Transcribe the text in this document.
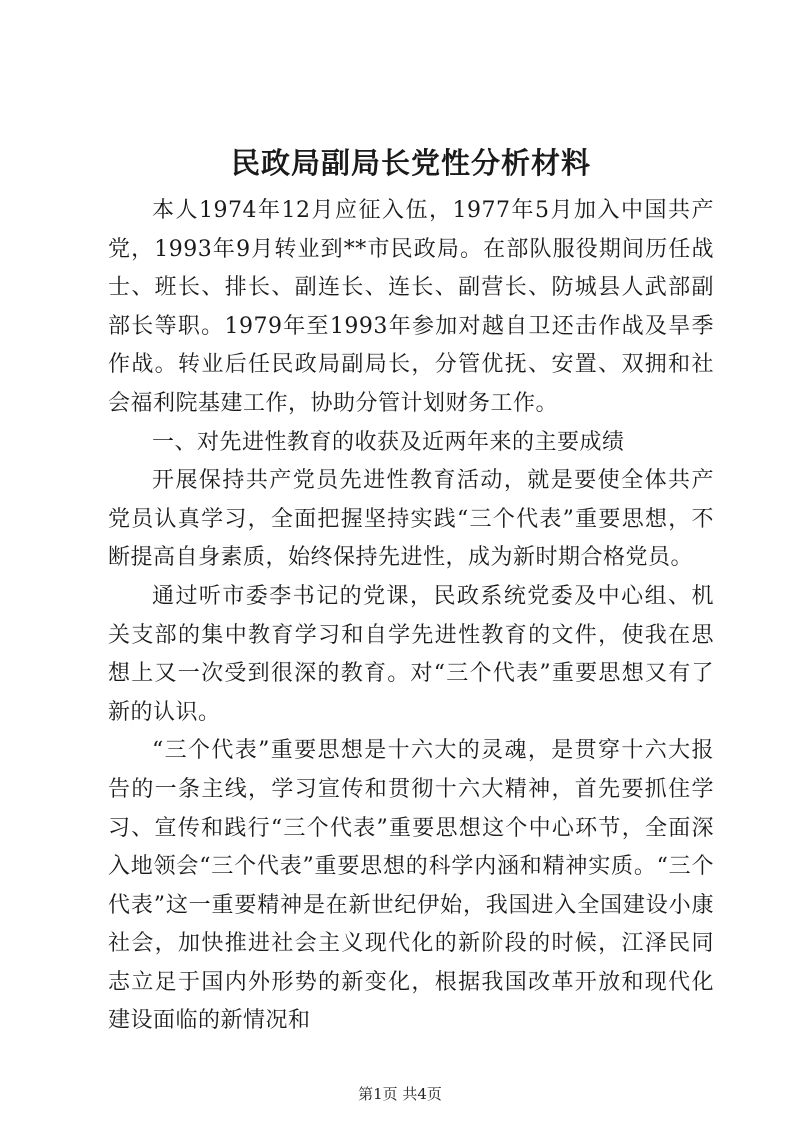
民政局副局长党性分析材料

本人1974年12月应征入伍，1977年5月加入中国共产党，1993年9月转业到**市民政局。在部队服役期间历任战士、班长、排长、副连长、连长、副营长、防城县人武部副部长等职。1979年至1993年参加对越自卫还击作战及旱季作战。转业后任民政局副局长，分管优抚、安置、双拥和社会福利院基建工作，协助分管计划财务工作。

一、对先进性教育的收获及近两年来的主要成绩

开展保持共产党员先进性教育活动，就是要使全体共产党员认真学习，全面把握坚持实践“三个代表”重要思想，不断提高自身素质，始终保持先进性，成为新时期合格党员。

通过听市委李书记的党课，民政系统党委及中心组、机关支部的集中教育学习和自学先进性教育的文件，使我在思想上又一次受到很深的教育。对“三个代表”重要思想又有了新的认识。

“三个代表”重要思想是十六大的灵魂，是贯穿十六大报告的一条主线，学习宣传和贯彻十六大精神，首先要抓住学习、宣传和践行“三个代表”重要思想这个中心环节，全面深入地领会“三个代表”重要思想的科学内涵和精神实质。“三个代表”这一重要精神是在新世纪伊始，我国进入全国建设小康社会，加快推进社会主义现代化的新阶段的时候，江泽民同志立足于国内外形势的新变化，根据我国改革开放和现代化建设面临的新情况和

第1页 共4页
